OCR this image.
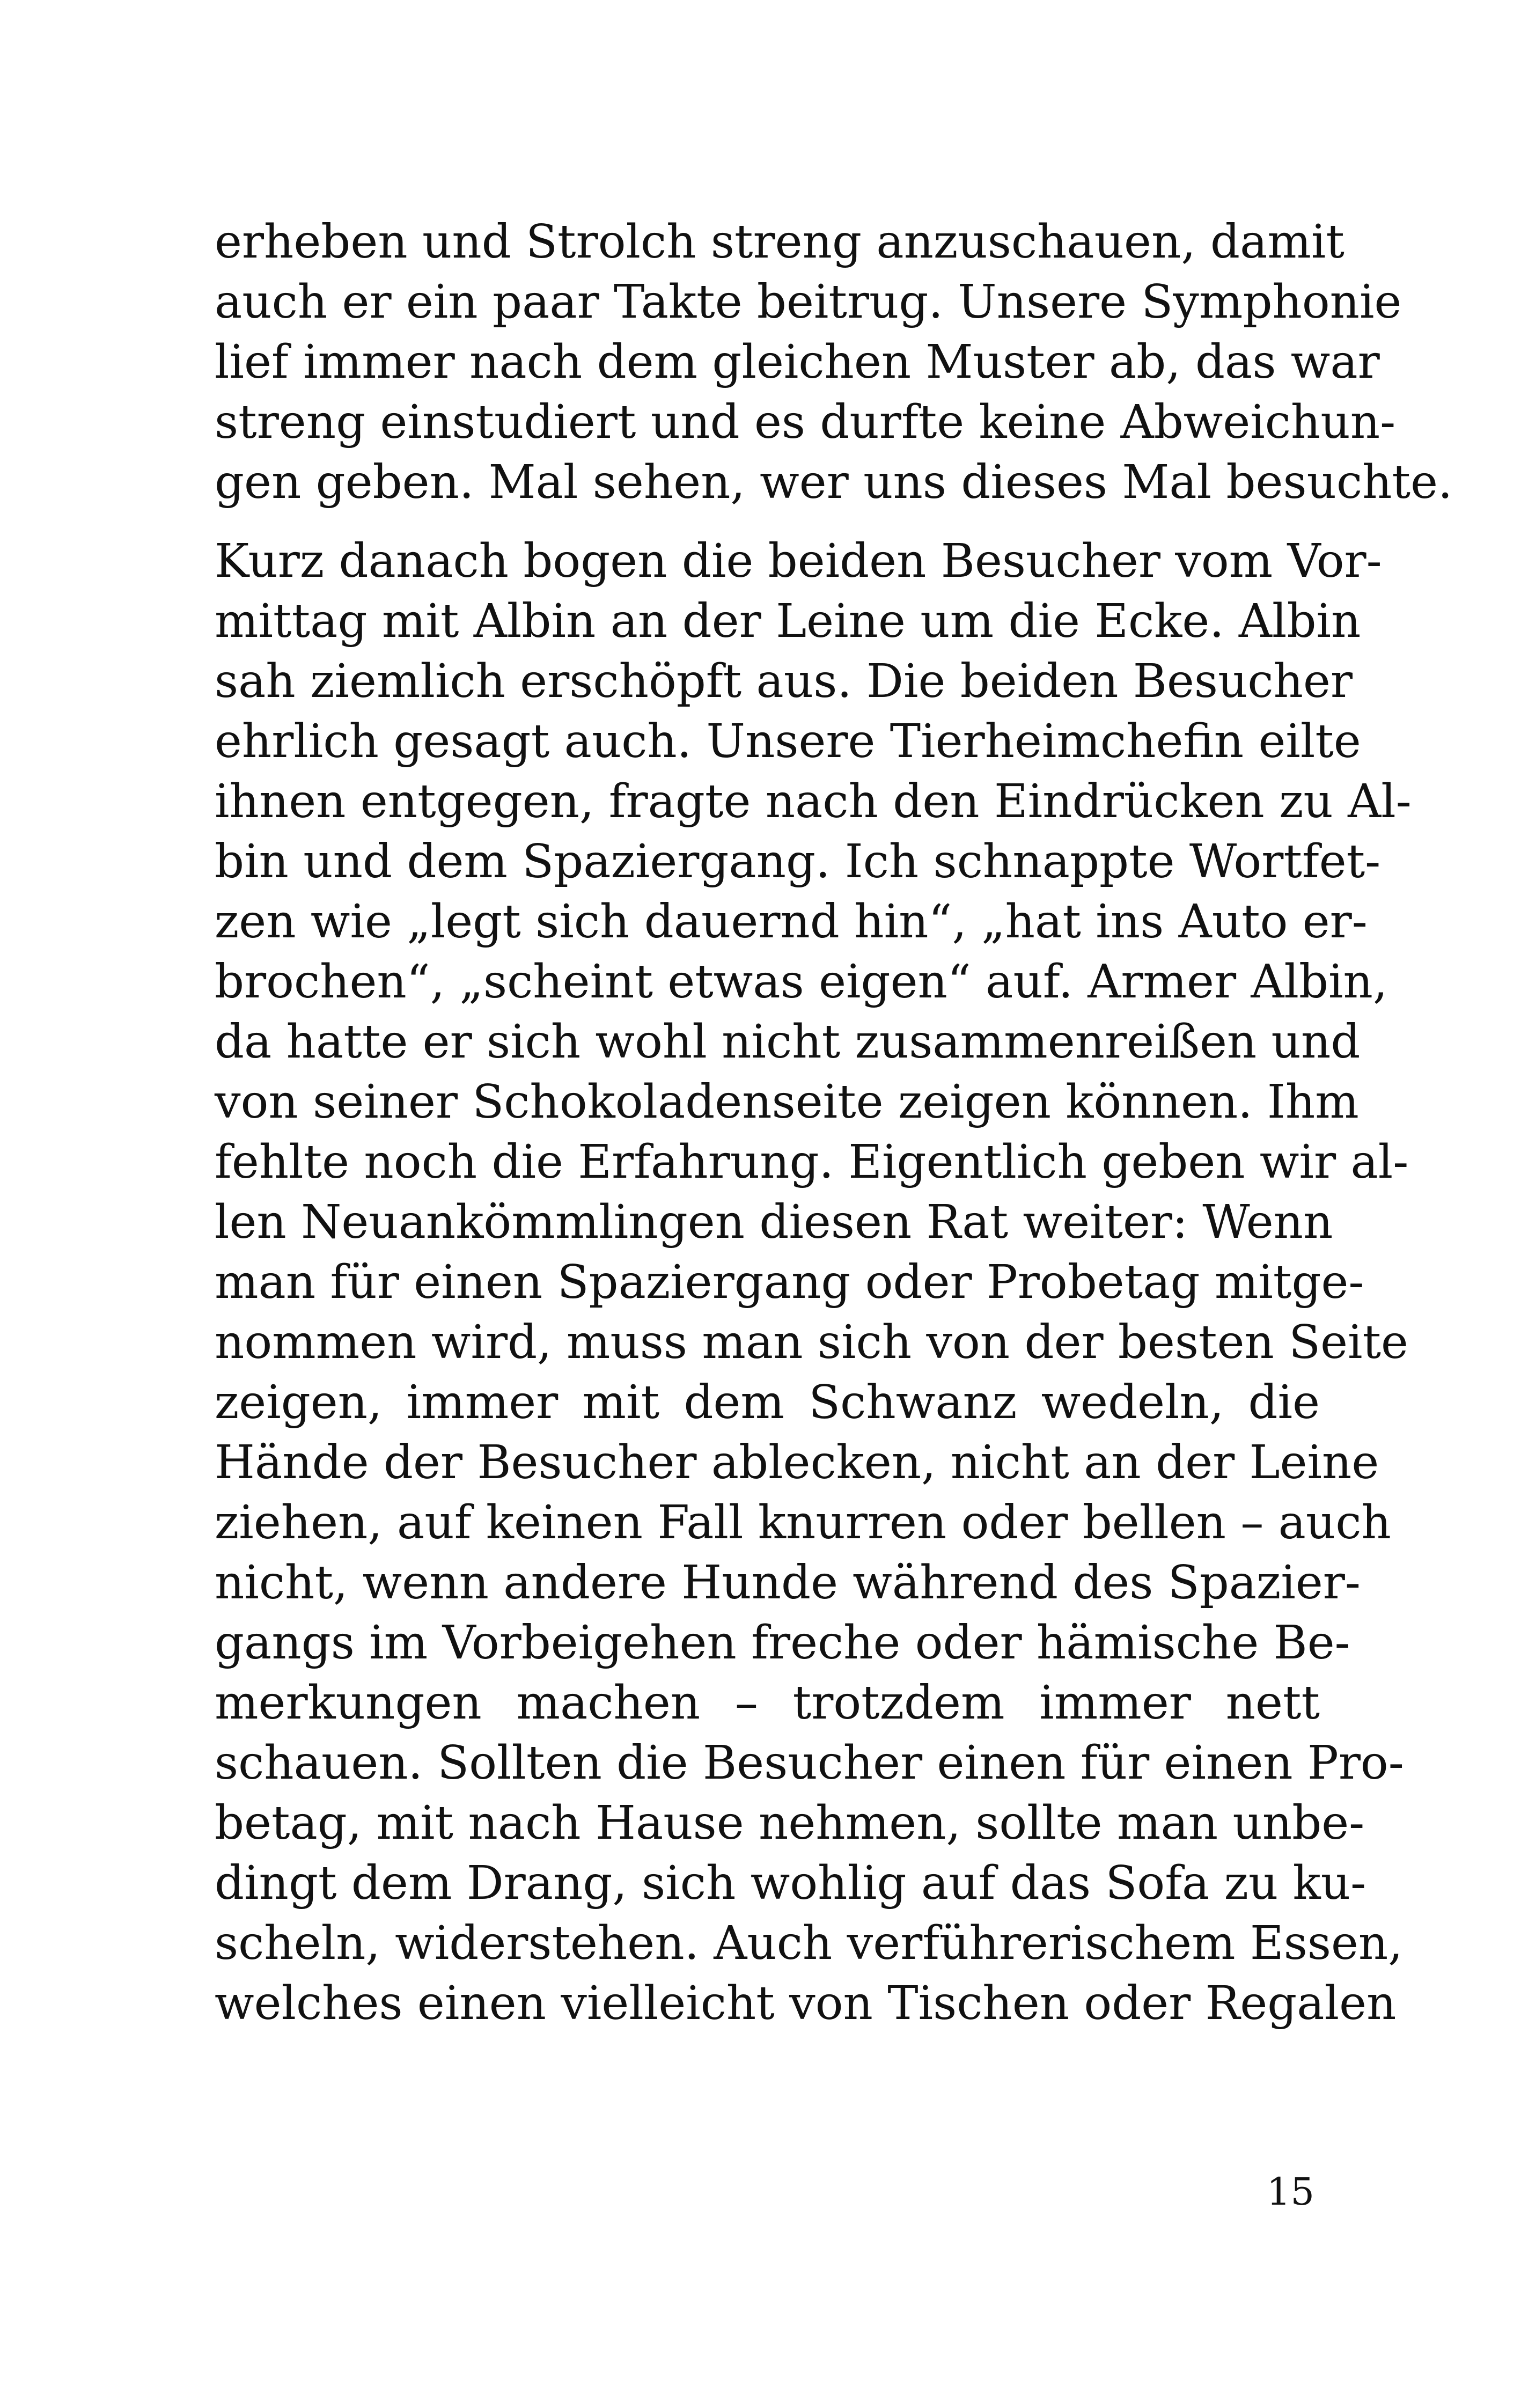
erheben und Strolch streng anzuschauen, damit
auch er ein paar Takte beitrug. Unsere Symphonie
lief immer nach dem gleichen Muster ab, das war
streng einstudiert und es durfte keine Abweichun-
gen geben. Mal sehen, wer uns dieses Mal besuchte.
Kurz danach bogen die beiden Besucher vom Vor-
mittag mit Albin an der Leine um die Ecke. Albin
sah ziemlich erschöpft aus. Die beiden Besucher
ehrlich gesagt auch. Unsere Tierheimchefin eilte
ihnen entgegen, fragte nach den Eindrücken zu Al-
bin und dem Spaziergang. Ich schnappte Wortfet-
zen wie „legt sich dauernd hin“, „hat ins Auto er-
brochen“, „scheint etwas eigen“ auf. Armer Albin,
da hatte er sich wohl nicht zusammenreißen und
von seiner Schokoladenseite zeigen können. Ihm
fehlte noch die Erfahrung. Eigentlich geben wir al-
len Neuankömmlingen diesen Rat weiter: Wenn
man für einen Spaziergang oder Probetag mitge-
nommen wird, muss man sich von der besten Seite
zeigen, immer mit dem Schwanz wedeln, die
Hände der Besucher ablecken, nicht an der Leine
ziehen, auf keinen Fall knurren oder bellen – auch
nicht, wenn andere Hunde während des Spazier-
gangs im Vorbeigehen freche oder hämische Be-
merkungen machen – trotzdem immer nett
schauen. Sollten die Besucher einen für einen Pro-
betag, mit nach Hause nehmen, sollte man unbe-
dingt dem Drang, sich wohlig auf das Sofa zu ku-
scheln, widerstehen. Auch verführerischem Essen,
welches einen vielleicht von Tischen oder Regalen
15
